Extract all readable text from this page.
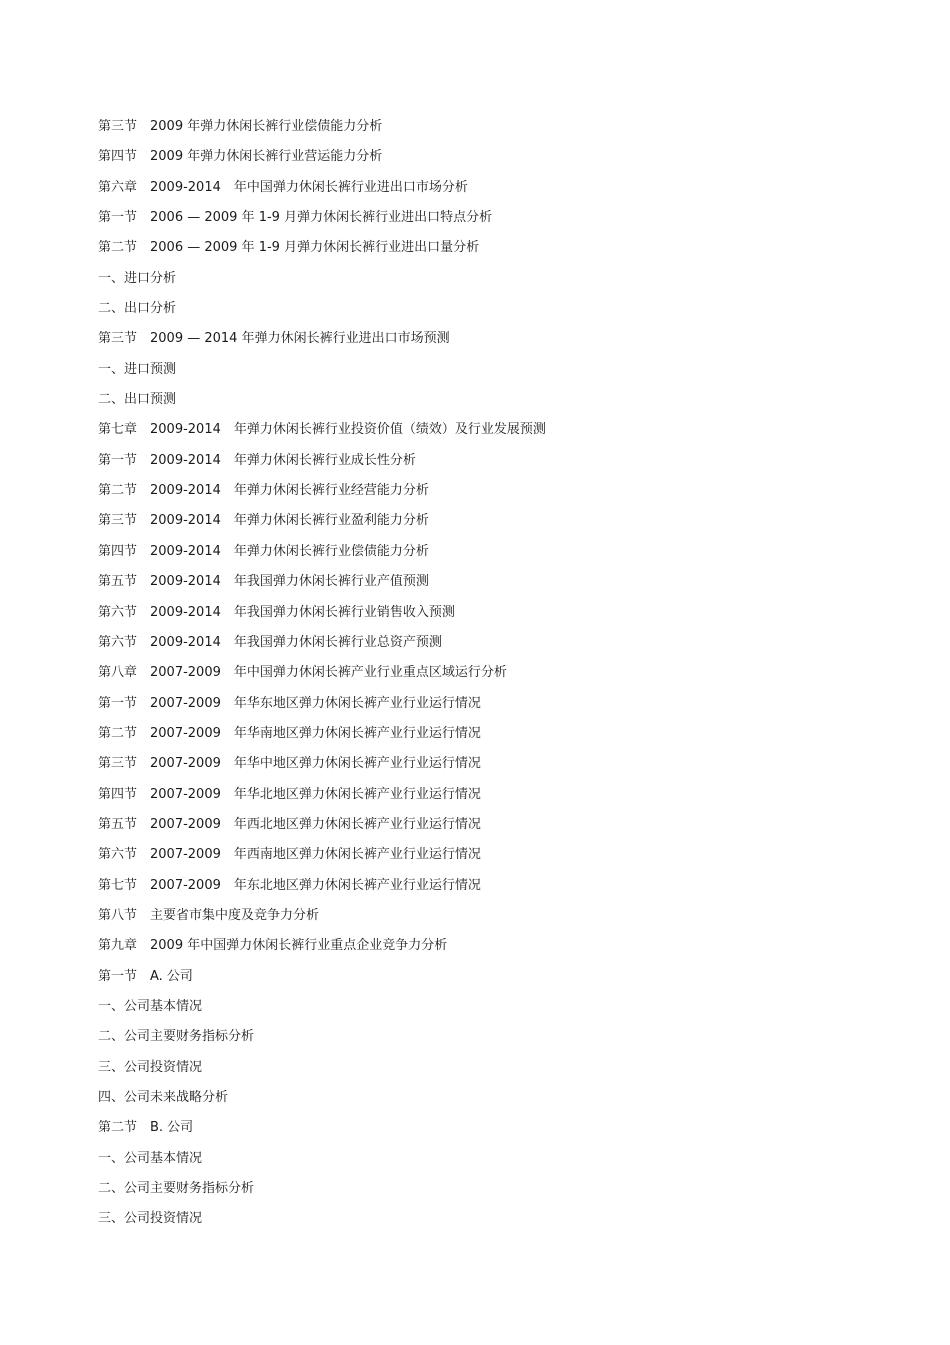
第三节　2009 年弹力休闲长裤行业偿债能力分析
第四节　2009 年弹力休闲长裤行业营运能力分析
第六章　2009-2014　年中国弹力休闲长裤行业进出口市场分析
第一节　2006 — 2009 年 1-9 月弹力休闲长裤行业进出口特点分析
第二节　2006 — 2009 年 1-9 月弹力休闲长裤行业进出口量分析
一、进口分析
二、出口分析
第三节　2009 — 2014 年弹力休闲长裤行业进出口市场预测
一、进口预测
二、出口预测
第七章　2009-2014　年弹力休闲长裤行业投资价值（绩效）及行业发展预测
第一节　2009-2014　年弹力休闲长裤行业成长性分析
第二节　2009-2014　年弹力休闲长裤行业经营能力分析
第三节　2009-2014　年弹力休闲长裤行业盈利能力分析
第四节　2009-2014　年弹力休闲长裤行业偿债能力分析
第五节　2009-2014　年我国弹力休闲长裤行业产值预测
第六节　2009-2014　年我国弹力休闲长裤行业销售收入预测
第六节　2009-2014　年我国弹力休闲长裤行业总资产预测
第八章　2007-2009　年中国弹力休闲长裤产业行业重点区域运行分析
第一节　2007-2009　年华东地区弹力休闲长裤产业行业运行情况
第二节　2007-2009　年华南地区弹力休闲长裤产业行业运行情况
第三节　2007-2009　年华中地区弹力休闲长裤产业行业运行情况
第四节　2007-2009　年华北地区弹力休闲长裤产业行业运行情况
第五节　2007-2009　年西北地区弹力休闲长裤产业行业运行情况
第六节　2007-2009　年西南地区弹力休闲长裤产业行业运行情况
第七节　2007-2009　年东北地区弹力休闲长裤产业行业运行情况
第八节　主要省市集中度及竞争力分析
第九章　2009 年中国弹力休闲长裤行业重点企业竞争力分析
第一节　A. 公司
一、公司基本情况
二、公司主要财务指标分析
三、公司投资情况
四、公司未来战略分析
第二节　B. 公司
一、公司基本情况
二、公司主要财务指标分析
三、公司投资情况
